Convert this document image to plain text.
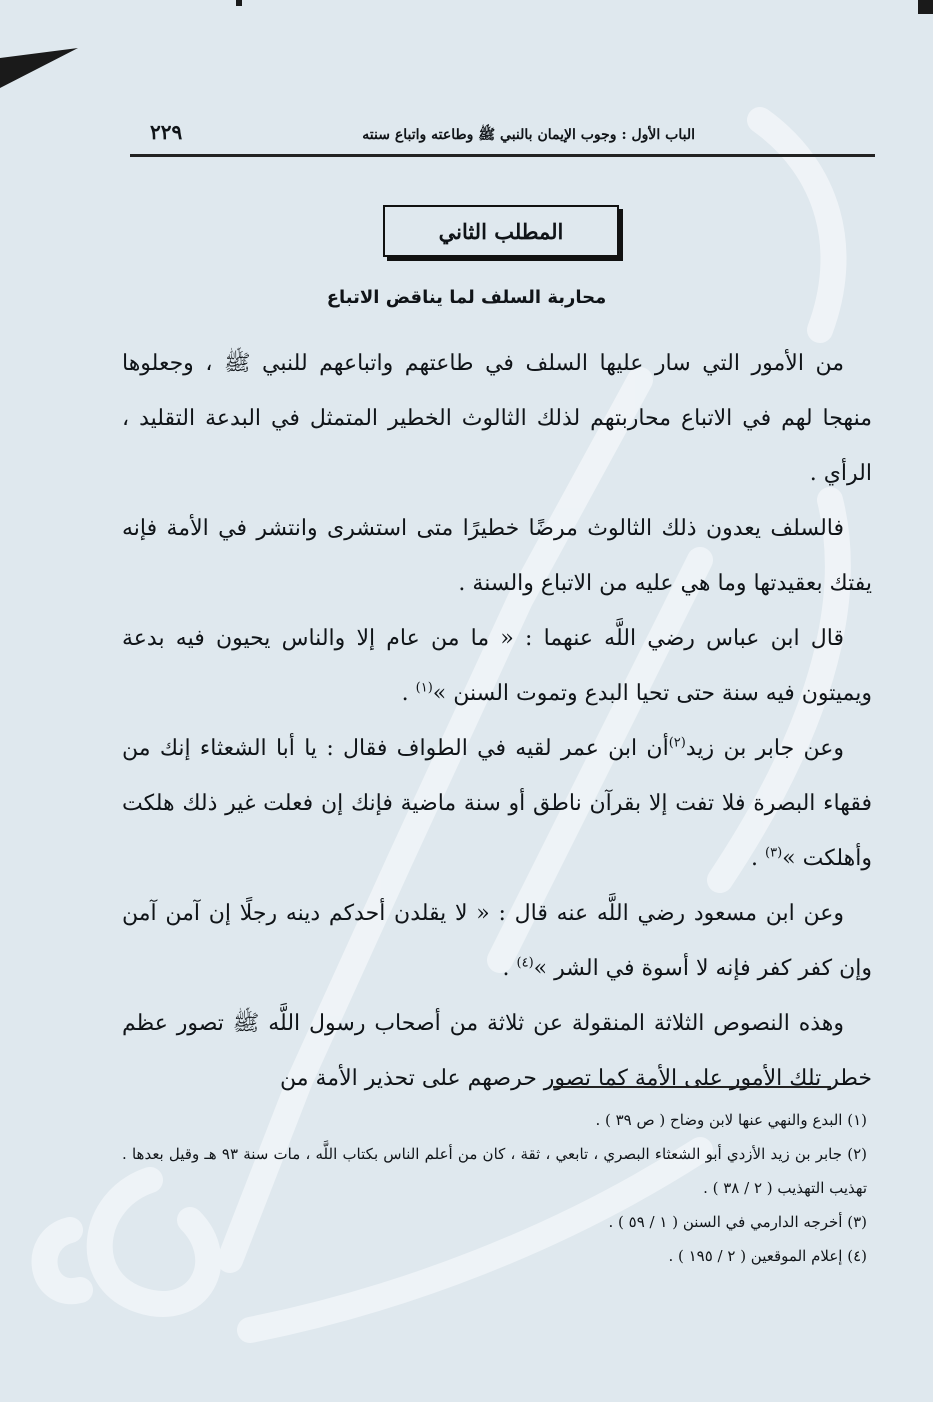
الباب الأول : وجوب الإيمان بالنبي ﷺ وطاعته واتباع سنته
٢٢٩
المطلب الثاني
محاربة السلف لما يناقض الاتباع

من الأمور التي سار عليها السلف في طاعتهم واتباعهم للنبي ﷺ ، وجعلوها منهجا لهم في الاتباع محاربتهم لذلك الثالوث الخطير المتمثل في البدعة التقليد ، الرأي .

فالسلف يعدون ذلك الثالوث مرضًا خطيرًا متى استشرى وانتشر في الأمة فإنه يفتك بعقيدتها وما هي عليه من الاتباع والسنة .

قال ابن عباس رضي اللَّه عنهما : « ما من عام إلا والناس يحيون فيه بدعة ويميتون فيه سنة حتى تحيا البدع وتموت السنن »$^{(١)}$ .

وعن جابر بن زيد$^{(٢)}$أن ابن عمر لقيه في الطواف فقال : يا أبا الشعثاء إنك من فقهاء البصرة فلا تفت إلا بقرآن ناطق أو سنة ماضية فإنك إن فعلت غير ذلك هلكت وأهلكت »$^{(٣)}$ .

وعن ابن مسعود رضي اللَّه عنه قال : « لا يقلدن أحدكم دينه رجلًا إن آمن آمن وإن كفر كفر فإنه لا أسوة في الشر »$^{(٤)}$ .

وهذه النصوص الثلاثة المنقولة عن ثلاثة من أصحاب رسول اللَّه ﷺ تصور عظم خطر تلك الأمور على الأمة كما تصور حرصهم على تحذير الأمة من

(١) البدع والنهي عنها لابن وضاح ( ص ٣٩ ) .

(٢) جابر بن زيد الأزدي أبو الشعثاء البصري ، تابعي ، ثقة ، كان من أعلم الناس بكتاب اللَّه ، مات سنة ٩٣ هـ وقيل بعدها . تهذيب التهذيب ( ٢ / ٣٨ ) .

(٣) أخرجه الدارمي في السنن ( ١ / ٥٩ ) .

(٤) إعلام الموقعين ( ٢ / ١٩٥ ) .
